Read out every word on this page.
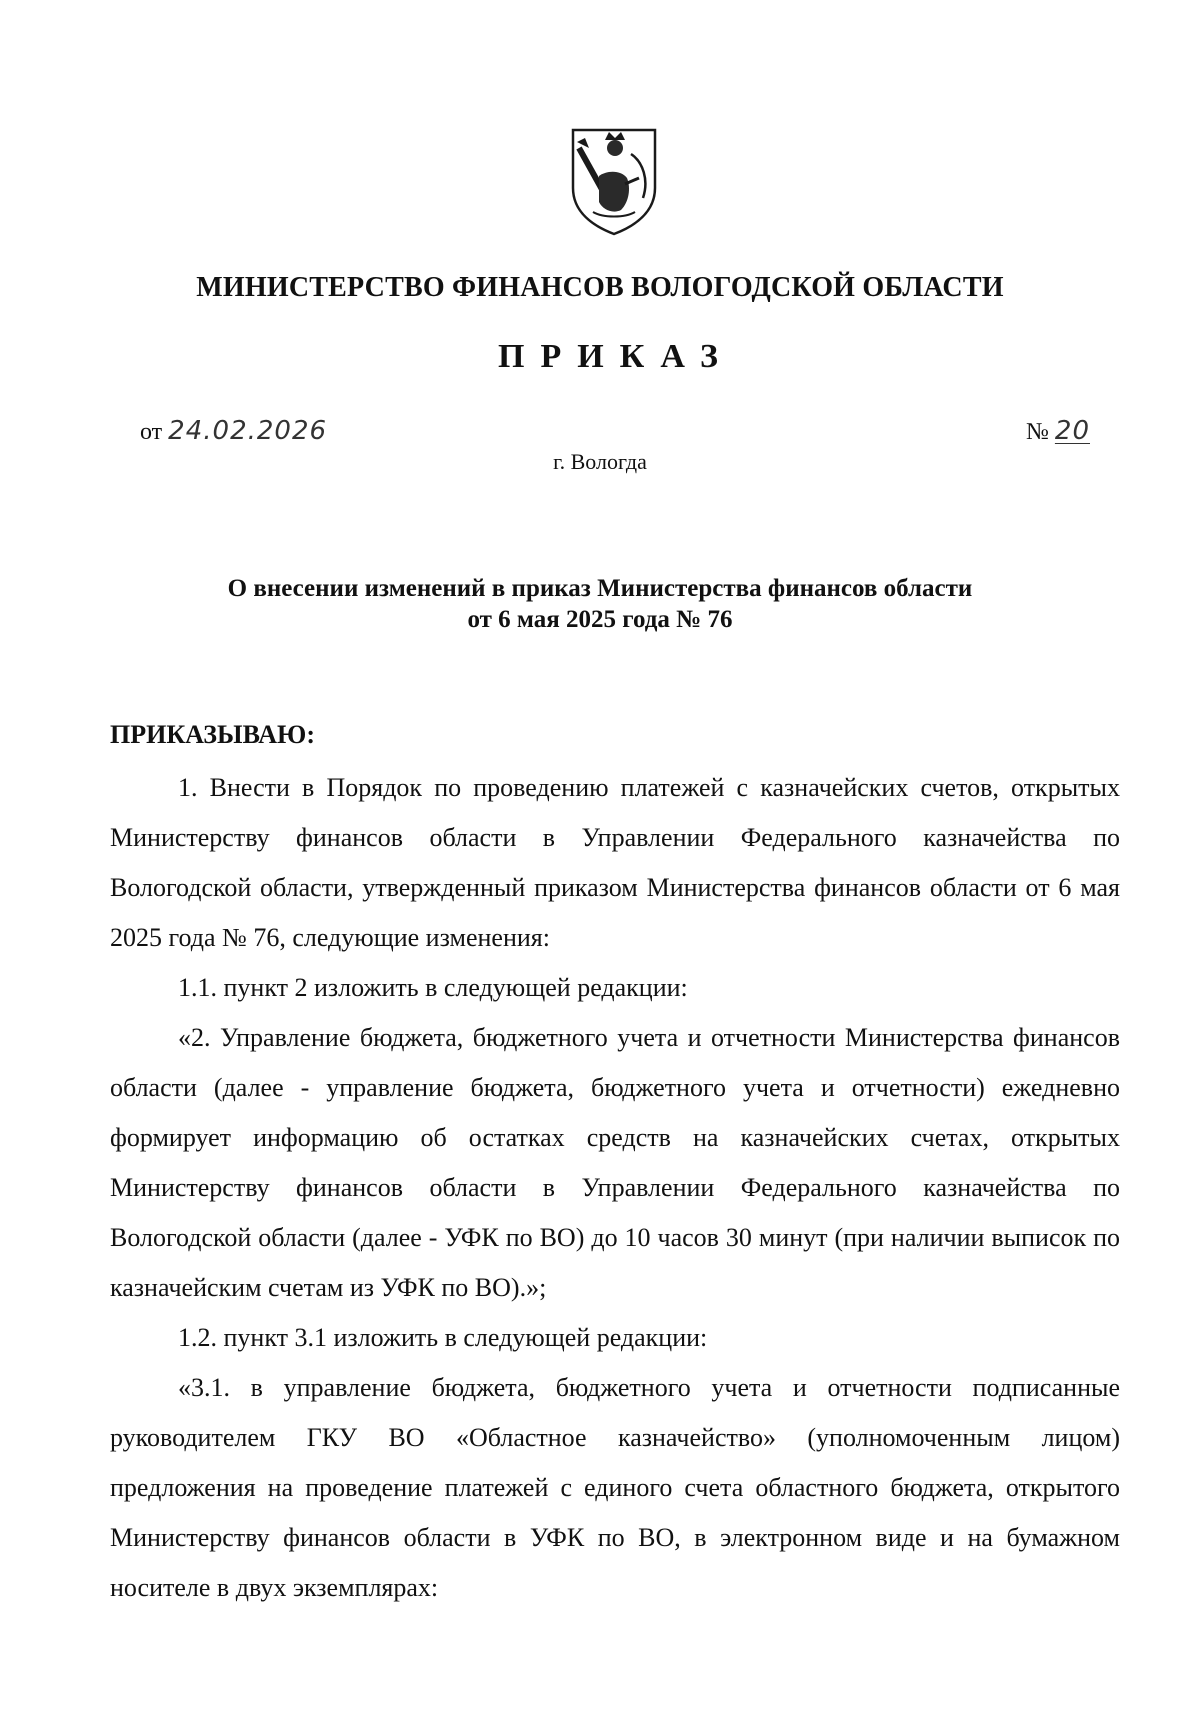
МИНИСТЕРСТВО ФИНАНСОВ ВОЛОГОДСКОЙ ОБЛАСТИ
ПРИКАЗ
от 24.02.2026	№ 20
г. Вологда
О внесении изменений в приказ Министерства финансов области
от 6 мая 2025 года № 76
ПРИКАЗЫВАЮ:

1. Внести в Порядок по проведению платежей с казначейских счетов, открытых Министерству финансов области в Управлении Федерального казначейства по Вологодской области, утвержденный приказом Министерства финансов области от 6 мая 2025 года № 76, следующие изменения:

1.1. пункт 2 изложить в следующей редакции:

«2. Управление бюджета, бюджетного учета и отчетности Министерства финансов области (далее - управление бюджета, бюджетного учета и отчетности) ежедневно формирует информацию об остатках средств на казначейских счетах, открытых Министерству финансов области в Управлении Федерального казначейства по Вологодской области (далее - УФК по ВО) до 10 часов 30 минут (при наличии выписок по казначейским счетам из УФК по ВО).»;

1.2. пункт 3.1 изложить в следующей редакции:

«3.1. в управление бюджета, бюджетного учета и отчетности подписанные руководителем ГКУ ВО «Областное казначейство» (уполномоченным лицом) предложения на проведение платежей с единого счета областного бюджета, открытого Министерству финансов области в УФК по ВО, в электронном виде и на бумажном носителе в двух экземплярах:
